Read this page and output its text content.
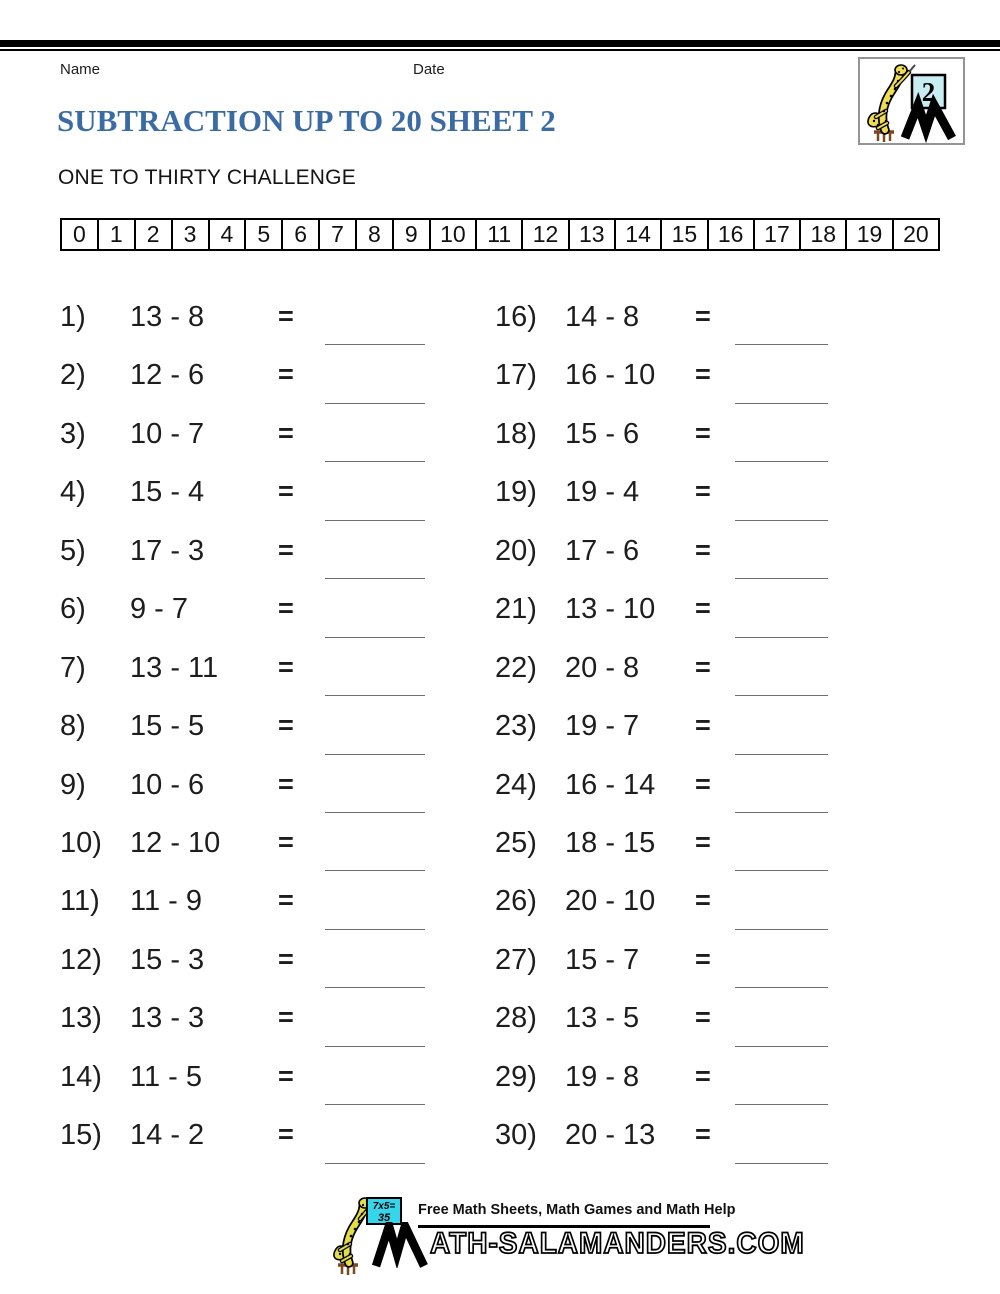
Name	Date
2
SUBTRACTION UP TO 20 SHEET 2
ONE TO THIRTY CHALLENGE
0	1	2	3	4	5	6	7	8	9 10 11 12 13 14 15 16 17 18 19 20
1)	13 - 8	=
2)	12 - 6	=
3)	10 - 7	=
4)	15 - 4	=
5)	17 - 3	=
6)	9 - 7	=
7)	13 - 11	=
8)	15 - 5	=
9)	10 - 6	=
10) 12 - 10	=
11)	11 - 9	=
12) 15 - 3	=
13) 13 - 3	=
14) 11 - 5	=
15) 14 - 2	=
16) 14 - 8	=
17) 16 - 10	=
18) 15 - 6	=
19) 19 - 4	=
20) 17 - 6	=
21) 13 - 10	=
22) 20 - 8	=
23) 19 - 7	=
24) 16 - 14	=
25) 18 - 15	=
26) 20 - 10	=
27) 15 - 7	=
28) 13 - 5	=
29) 19 - 8	=
30) 20 - 13	=
7x5=
35 Free Math Sheets, Math Games and Math Help
ATH-SALAMANDERS.COM
